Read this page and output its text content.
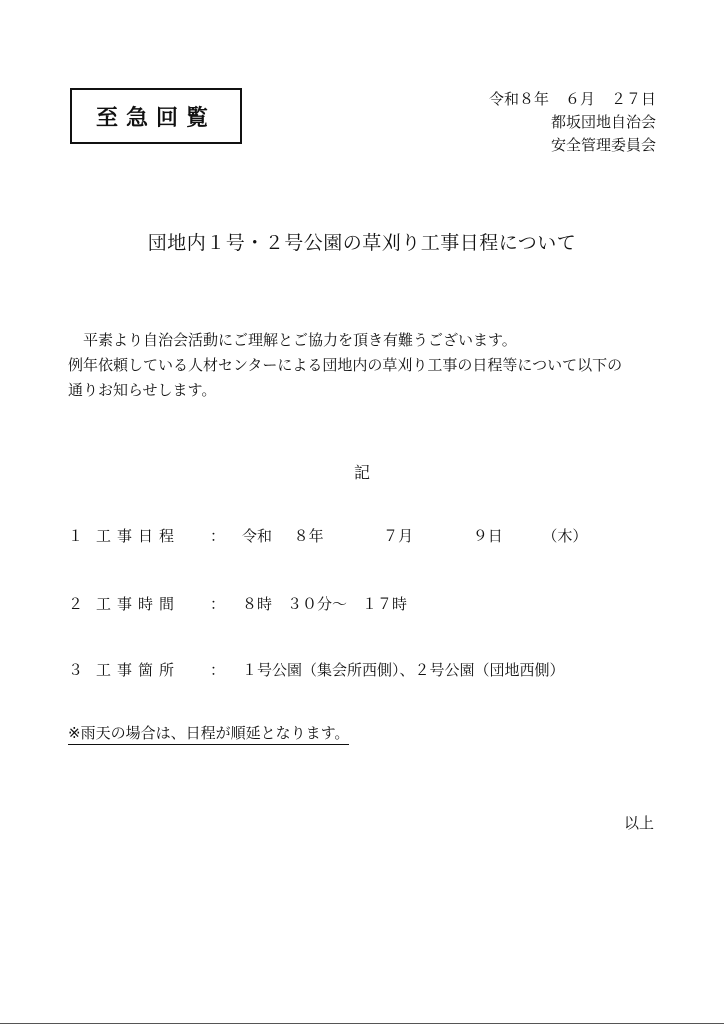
至急回覧
令和８年 ６月 ２７日
都坂団地自治会
安全管理委員会
団地内１号・２号公園の草刈り工事日程について

　平素より自治会活動にご理解とご協力を頂き有難うございます。

例年依頼している人材センターによる団地内の草刈り工事の日程等について以下の

通りお知らせします。

記
１ 工事日程 ： 令和 ８年	７月	９日	（木）
２ 工事時間 ： ８時　３０分～　１７時
３ 工事箇所 ： １号公園（集会所西側）、２号公園（団地西側）
※雨天の場合は、日程が順延となります。
以上
